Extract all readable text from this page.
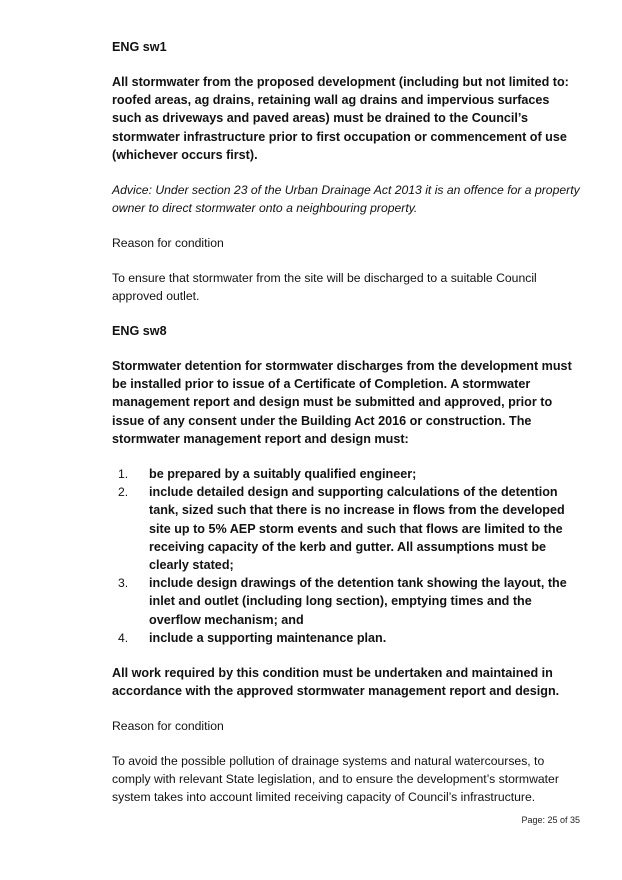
ENG sw1

All stormwater from the proposed development (including but not limited to: roofed areas, ag drains, retaining wall ag drains and impervious surfaces such as driveways and paved areas) must be drained to the Council’s stormwater infrastructure prior to first occupation or commencement of use (whichever occurs first).

Advice: Under section 23 of the Urban Drainage Act 2013 it is an offence for a property owner to direct stormwater onto a neighbouring property.

Reason for condition

To ensure that stormwater from the site will be discharged to a suitable Council approved outlet.

ENG sw8

Stormwater detention for stormwater discharges from the development must be installed prior to issue of a Certificate of Completion. A stormwater management report and design must be submitted and approved, prior to issue of any consent under the Building Act 2016 or construction. The stormwater management report and design must:

1. be prepared by a suitably qualified engineer;
2. include detailed design and supporting calculations of the detention tank, sized such that there is no increase in flows from the developed site up to 5% AEP storm events and such that flows are limited to the receiving capacity of the kerb and gutter. All assumptions must be clearly stated;
3. include design drawings of the detention tank showing the layout, the inlet and outlet (including long section), emptying times and the overflow mechanism; and
4. include a supporting maintenance plan.

All work required by this condition must be undertaken and maintained in accordance with the approved stormwater management report and design.

Reason for condition

To avoid the possible pollution of drainage systems and natural watercourses, to comply with relevant State legislation, and to ensure the development’s stormwater system takes into account limited receiving capacity of Council’s infrastructure.

Page: 25 of 35
